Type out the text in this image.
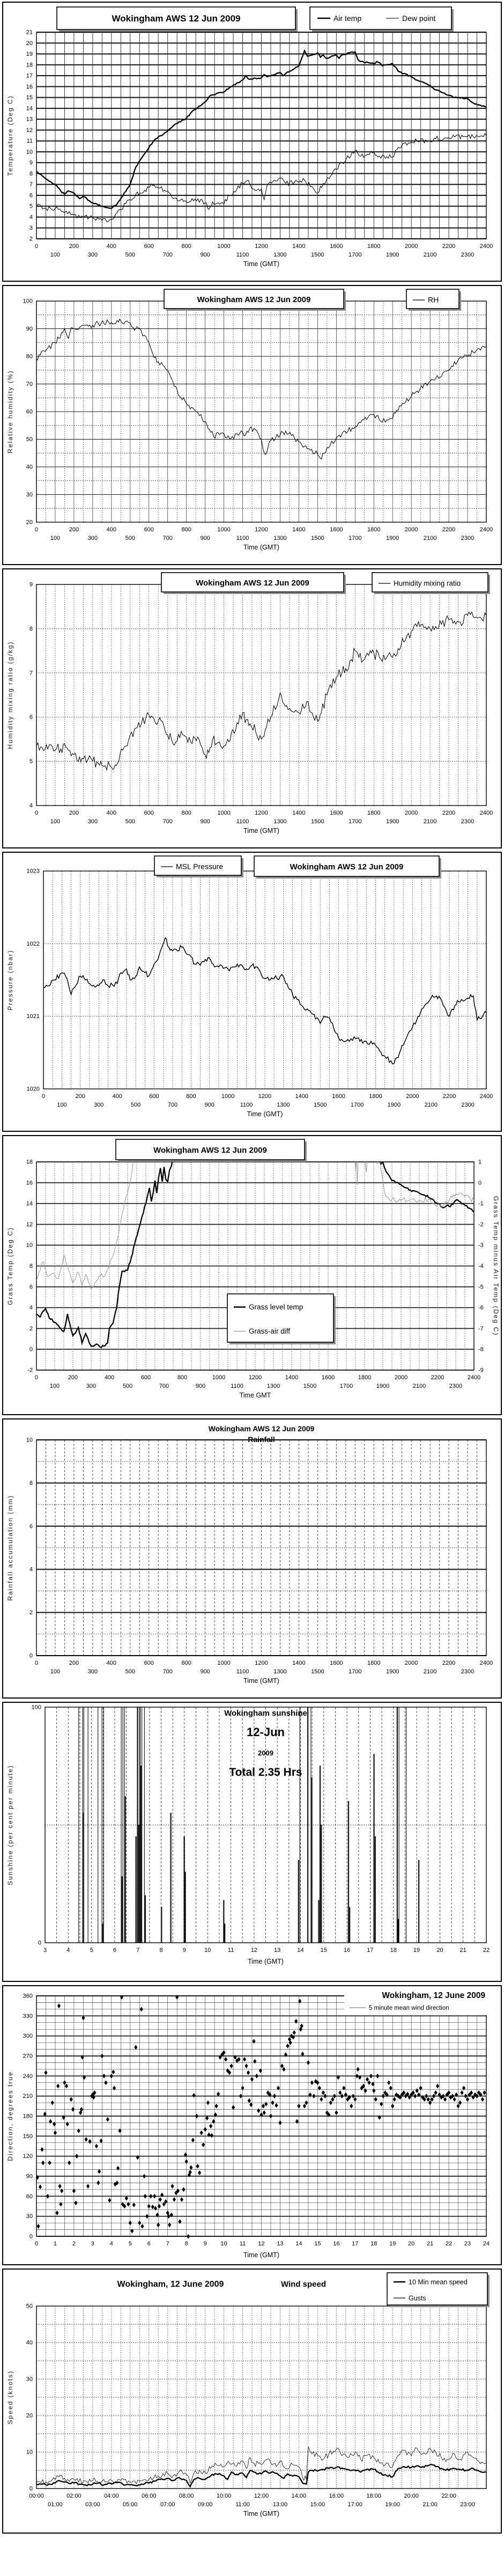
2
3
4
5
6
7
8
9
10
11
12
13
14
15
16
17
18
19
20
21
0
100
200
300
400
500
600
700
800
900
1000
1100
1200
1300
1400
1500
1600
1700
1800
1900
2000
2100
2200
2300
2400
Temperature (Deg C)
Time (GMT)
Wokingham AWS 12 Jun 2009	Air temp	Dew point
20
30
40
50
60
70
80
90
100
0
100
200
300
400
500
600
700
800
900
1000
1100
1200
1300
1400
1500
1600
1700
1800
1900
2000
2100
2200
2300
2400
Relative humidity (%)
Time (GMT)
Wokingham AWS 12 Jun 2009	RH
4
5
6
7
8
9
0
100
200
300
400
500
600
700
800
900
1000
1100
1200
1300
1400
1500
1600
1700
1800
1900
2000
2100
2200
2300
2400
Humidity mixing ratio (g/kg)
Time (GMT)
Wokingham AWS 12 Jun 2009	Humidity mixing ratio
1020
1021
1022
1023
0
100
200
300
400
500
600
700
800
900
1000
1100
1200
1300
1400
1500
1600
1700
1800
1900
2000
2100
2200
2300
2400
Pressure (nbar)
Time (GMT)
MSL Pressure	Wokingham AWS 12 Jun 2009
-2
0
2
4
6
8
10
12
14
16
18
-9
-8
-7
-6
-5
-4
-3
-2
-1
0
1
0
100
200
300
400
500
600
700
800
900
1000
1100
1200
1300
1400
1500
1600
1700
1800
1900
2000
2100
2200
2300
2400
Grass Temp (Deg C)	Grass Temp minus Air Temp (Deg C)
Time GMT
Wokingham AWS 12 Jun 2009
Grass level temp
Grass-air diff
0
2
4
6
8
10
0
100
200
300
400
500
600
700
800
900
1000
1100
1200
1300
1400
1500
1600
1700
1800
1900
2000
2100
2200
2300
2400
Rainfall accumulation (mm)
Time (GMT)
Wokingham AWS 12 Jun 2009
Rainfall
0
100
3	4	5	6	7	8	9	10	11	12	13	14	15	16	17	18	19	20	21	22
Sunshine (per cent per minute)
Time (GMT)
Wokingham sunshine
12-Jun
2009
Total 2.35 Hrs
0
30
60
90
120
150
180
210
240
270
300
330
360
0	1	2	3	4	5	6	7	8	9 10 11 12 13 14 15 16 17 18 19 20 21 22 23 24
Direction, degrees true
Time (GMT)
Wokingham, 12 June 2009
5 minute mean wind direction
0
10
20
30
40
50
00:00
01:00
02:00
03:00
04:00
05:00
06:00
07:00
08:00
09:00
10:00
11:00
12:00
13:00
14:00
15:00
16:00
17:00
18:00
19:00
20:00
21:00
22:00
23:00
Speed (knots)
Time (GMT)
Wokingham, 12 June 2009	Wind speed	10 Min mean speed
Gusts
